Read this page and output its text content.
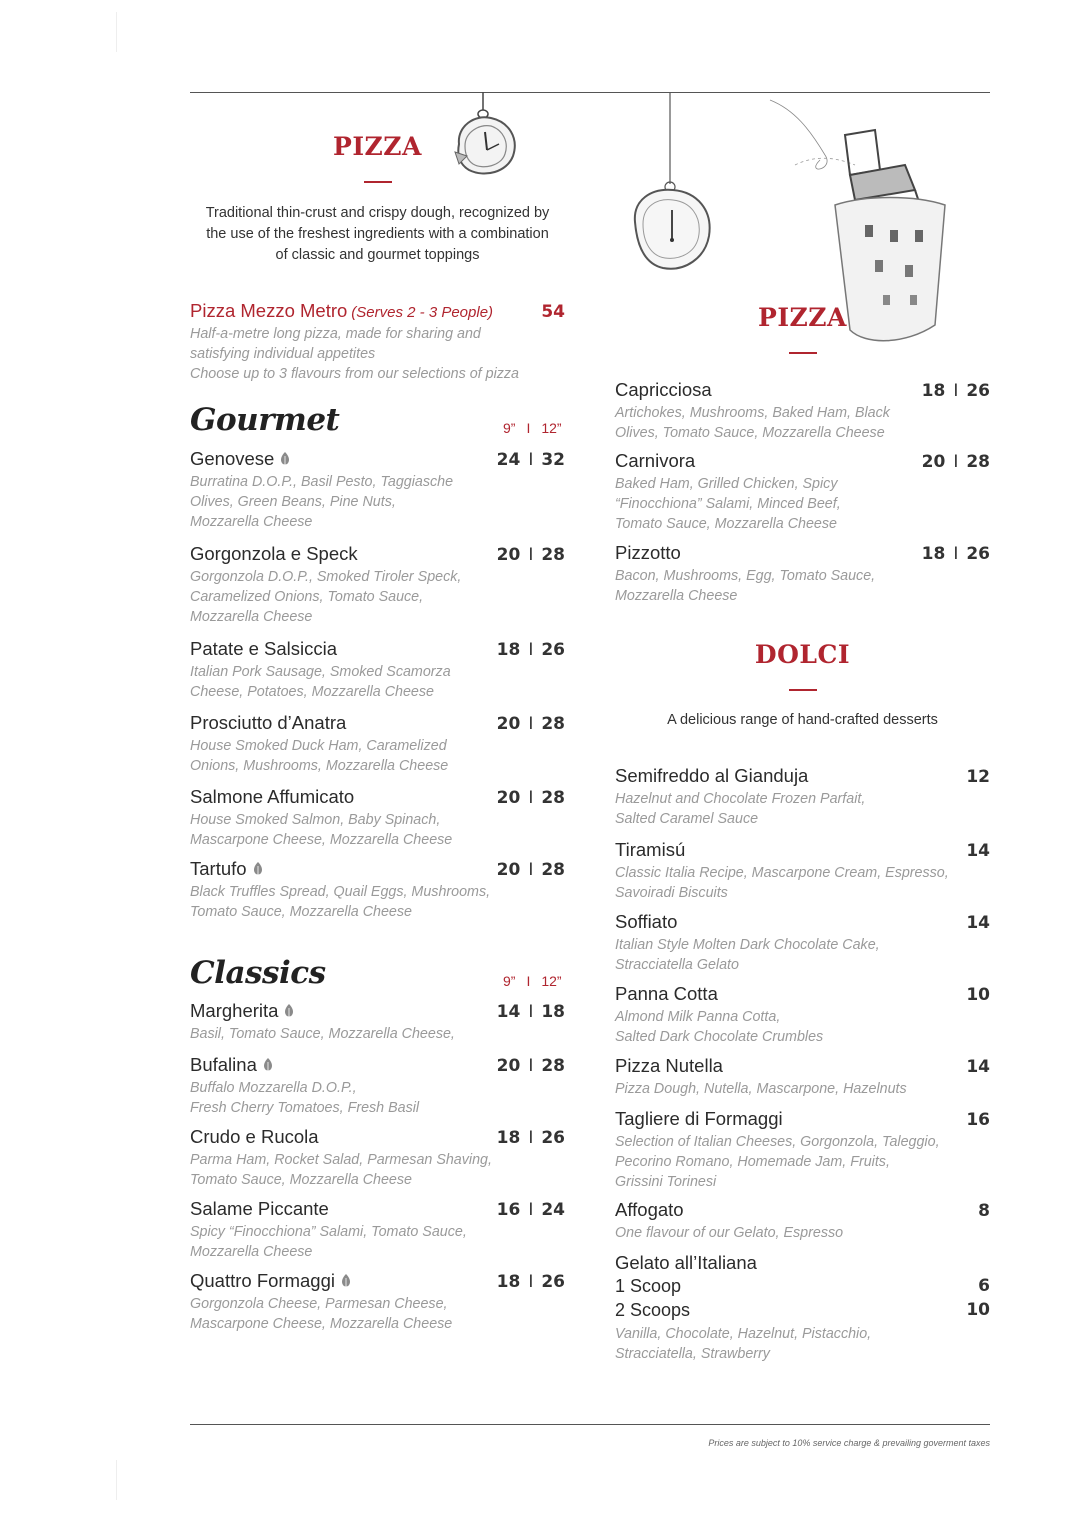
PIZZA
Traditional thin-crust and crispy dough, recognized by
the use of the freshest ingredients with a combination
of classic and gourmet toppings
Pizza Mezzo Metro (Serves 2 - 3 People)	54
Half-a-metre long pizza, made for sharing and
satisfying individual appetites
Choose up to 3 flavours from our selections of pizza
Gourmet	9” I 12”
Genovese	24 I 32
Burratina D.O.P., Basil Pesto, Taggiasche
Olives, Green Beans, Pine Nuts,
Mozzarella Cheese
Gorgonzola e Speck	20 I 28
Gorgonzola D.O.P., Smoked Tiroler Speck,
Caramelized Onions, Tomato Sauce,
Mozzarella Cheese
Patate e Salsiccia	18 I 26
Italian Pork Sausage, Smoked Scamorza
Cheese, Potatoes, Mozzarella Cheese
Prosciutto d’Anatra	20 I 28
House Smoked Duck Ham, Caramelized
Onions, Mushrooms, Mozzarella Cheese
Salmone Affumicato	20 I 28
House Smoked Salmon, Baby Spinach,
Mascarpone Cheese, Mozzarella Cheese
Tartufo	20 I 28
Black Truffles Spread, Quail Eggs, Mushrooms,
Tomato Sauce, Mozzarella Cheese
Classics	9” I 12”
Margherita	14 I 18
Basil, Tomato Sauce, Mozzarella Cheese,
Bufalina	20 I 28
Buffalo Mozzarella D.O.P.,
Fresh Cherry Tomatoes, Fresh Basil
Crudo e Rucola	18 I 26
Parma Ham, Rocket Salad, Parmesan Shaving,
Tomato Sauce, Mozzarella Cheese
Salame Piccante	16 I 24
Spicy “Finocchiona” Salami, Tomato Sauce,
Mozzarella Cheese
Quattro Formaggi	18 I 26
Gorgonzola Cheese, Parmesan Cheese,
Mascarpone Cheese, Mozzarella Cheese
PIZZA
Capricciosa	18 I 26
Artichokes, Mushrooms, Baked Ham, Black
Olives, Tomato Sauce, Mozzarella Cheese
Carnivora	20 I 28
Baked Ham, Grilled Chicken, Spicy
“Finocchiona” Salami, Minced Beef,
Tomato Sauce, Mozzarella Cheese
Pizzotto	18 I 26
Bacon, Mushrooms, Egg, Tomato Sauce,
Mozzarella Cheese
DOLCI
A delicious range of hand-crafted desserts
Semifreddo al Gianduja	12
Hazelnut and Chocolate Frozen Parfait,
Salted Caramel Sauce
Tiramisú	14
Classic Italia Recipe, Mascarpone Cream, Espresso,
Savoiradi Biscuits
Soffiato	14
Italian Style Molten Dark Chocolate Cake,
Stracciatella Gelato
Panna Cotta	10
Almond Milk Panna Cotta,
Salted Dark Chocolate Crumbles
Pizza Nutella	14
Pizza Dough, Nutella, Mascarpone, Hazelnuts
Tagliere di Formaggi	16
Selection of Italian Cheeses, Gorgonzola, Taleggio,
Pecorino Romano, Homemade Jam, Fruits,
Grissini Torinesi
Affogato	8
One flavour of our Gelato, Espresso
Gelato all’Italiana
1 Scoop	6
2 Scoops	10
Vanilla, Chocolate, Hazelnut, Pistacchio,
Stracciatella, Strawberry
Prices are subject to 10% service charge & prevailing goverment taxes
